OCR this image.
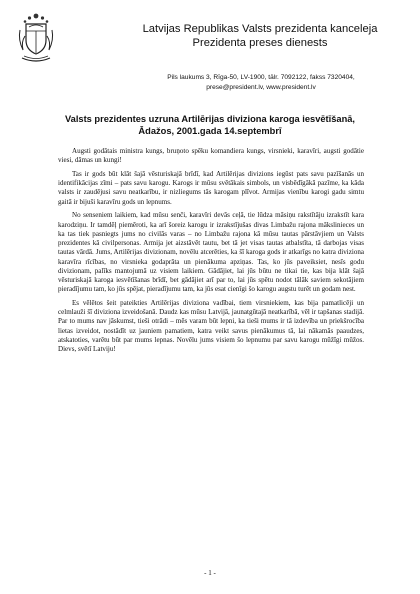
Latvijas Republikas Valsts prezidenta kanceleja
Prezidenta preses dienests
Pils laukums 3, Rīga-50, LV-1900, tālr. 7092122, fakss 7320404,
prese@president.lv, www.president.lv
Valsts prezidentes uzruna Artilērijas diviziona karoga iesvētīšanā,
Ādažos, 2001.gada 14.septembrī

Augsti godātais ministra kungs, bruņoto spēku komandiera kungs, virsnieki, karavīri, augsti godātie viesi, dāmas un kungi!

Tas ir gods būt klāt šajā vēsturiskajā brīdī, kad Artilērijas divizions iegūst pats savu pazīšanās un identifikācijas zīmi – pats savu karogu. Karogs ir mūsu svētākais simbols, un visbēdīgākā pazīme, ka kāda valsts ir zaudējusi savu neatkarību, ir nizliegums tās karogam plīvot. Armijas vienību karogi gadu simtu gaitā ir bijuši karavīru gods un lepnums.

No senseniem laikiem, kad mūsu senči, karavīri devās ceļā, tie lūdza māsiņu rakstītāju izrakstīt kara karodziņu. Ir tamdēļ piemēroti, ka arī šoreiz karogu ir izrakstījušas divas Limbažu rajona mākslinieces un ka tas tiek pasniegts jums no civilās varas – no Limbažu rajona kā mūsu tautas pārstāvjiem un Valsts prezidentes kā civilpersonas. Armija jet aizstāvēt tautu, bet tā jet visas tautas atbalstīta, tā darbojas visas tautas vārdā. Jums, Artilērijas divizionam, novēlu atcerēties, ka šī karoga gods ir atkarīgs no katra diviziona karavīra rīcības, no virsnieka godaprāta un pienākuma apziņas. Tas, ko jūs paveiksiet, nesīs godu divizionam, palīks mantojumā uz visiem laikiem. Gādājiet, lai jūs būtu ne tikai tie, kas bija klāt šajā vēsturiskajā karoga iesvētīšanas brīdī, bet gādājiet arī par to, lai jūs spētu nodot tālāk saviem sekotājiem pieradījumu tam, ko jūs spējat, pieradījumu tam, ka jūs esat cienīgi šo karogu augstu turēt un godam nest.

Es vēlētos šeit pateikties Artilērijas diviziona vadībai, tiem virsniekiem, kas bija pamatlicēji un celmlauži šī diviziona izveidošanā. Daudz kas mūsu Latvijā, jaunatgūtajā neatkarībā, vēl ir tapšanas stadijā. Par to mums nav jāskumst, tieši otrādi – mēs varam būt lepni, ka tieši mums ir tā izdevība un priekšrocība lietas izveidot, nostādīt uz jauniem pamatiem, katra veikt savus pienākumus tā, lai nākamās paaudzes, atskatoties, varētu būt par mums lepnas. Novēlu jums visiem šo lepnumu par savu karogu mūžīgi mūžos. Dievs, svētī Latviju!

- 1 -
